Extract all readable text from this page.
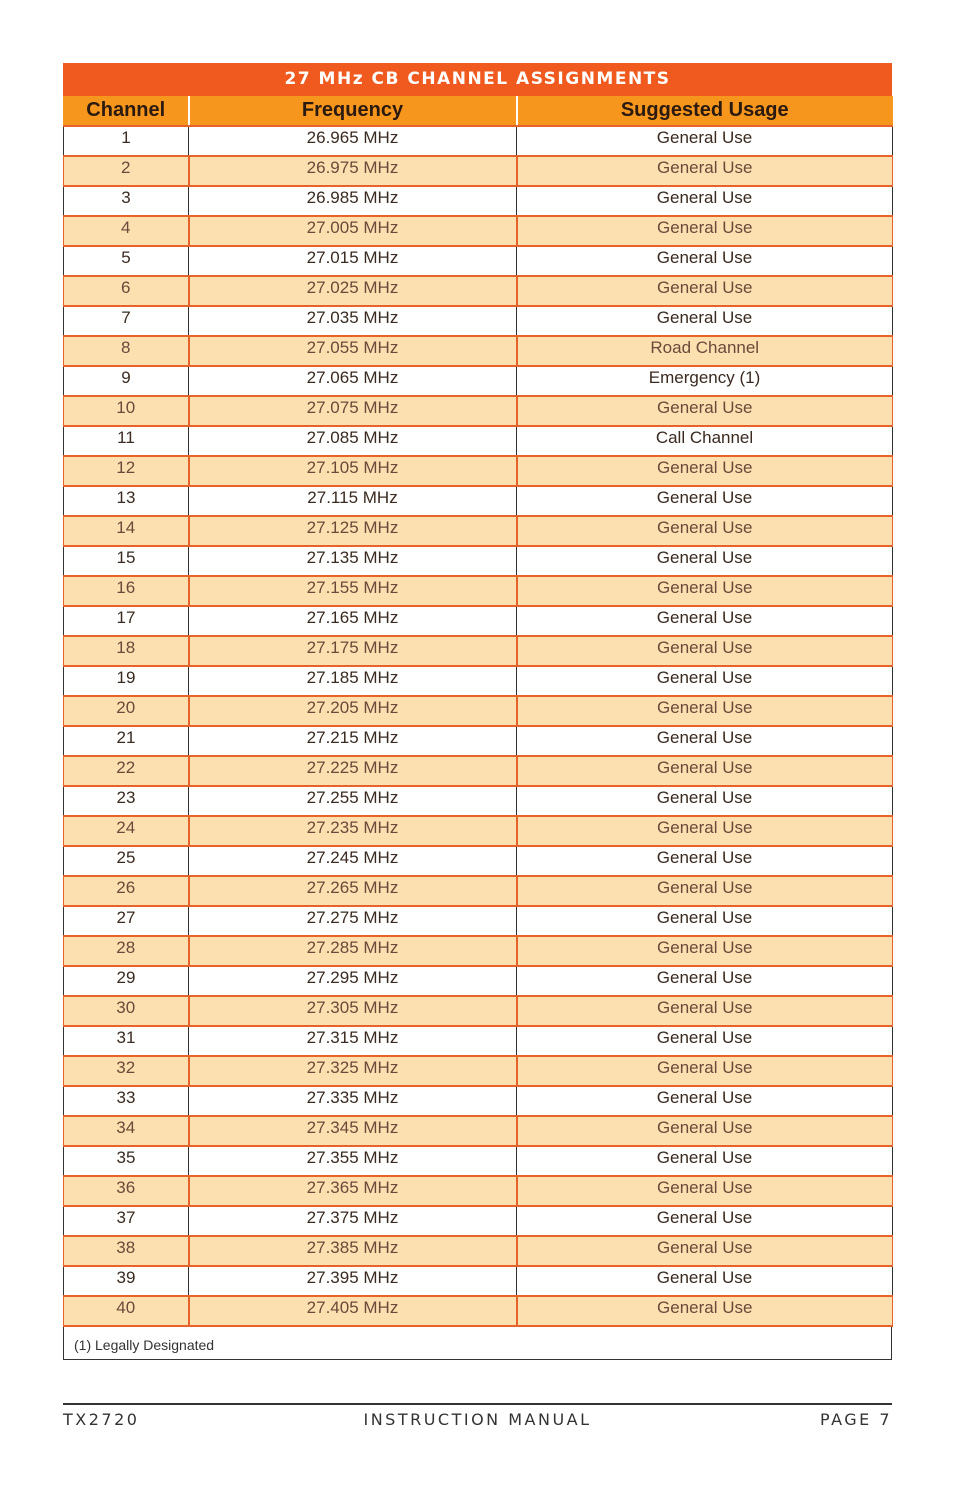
27 MHz CB CHANNEL ASSIGNMENTS
Channel	Frequency	Suggested Usage
1	26.965 MHz	General Use
2	26.975 MHz	General Use
3	26.985 MHz	General Use
4	27.005 MHz	General Use
5	27.015 MHz	General Use
6	27.025 MHz	General Use
7	27.035 MHz	General Use
8	27.055 MHz	Road Channel
9	27.065 MHz	Emergency (1)
10	27.075 MHz	General Use
11	27.085 MHz	Call Channel
12	27.105 MHz	General Use
13	27.115 MHz	General Use
14	27.125 MHz	General Use
15	27.135 MHz	General Use
16	27.155 MHz	General Use
17	27.165 MHz	General Use
18	27.175 MHz	General Use
19	27.185 MHz	General Use
20	27.205 MHz	General Use
21	27.215 MHz	General Use
22	27.225 MHz	General Use
23	27.255 MHz	General Use
24	27.235 MHz	General Use
25	27.245 MHz	General Use
26	27.265 MHz	General Use
27	27.275 MHz	General Use
28	27.285 MHz	General Use
29	27.295 MHz	General Use
30	27.305 MHz	General Use
31	27.315 MHz	General Use
32	27.325 MHz	General Use
33	27.335 MHz	General Use
34	27.345 MHz	General Use
35	27.355 MHz	General Use
36	27.365 MHz	General Use
37	27.375 MHz	General Use
38	27.385 MHz	General Use
39	27.395 MHz	General Use
40	27.405 MHz	General Use
(1) Legally Designated
TX2720	INSTRUCTION MANUAL	PAGE 7
